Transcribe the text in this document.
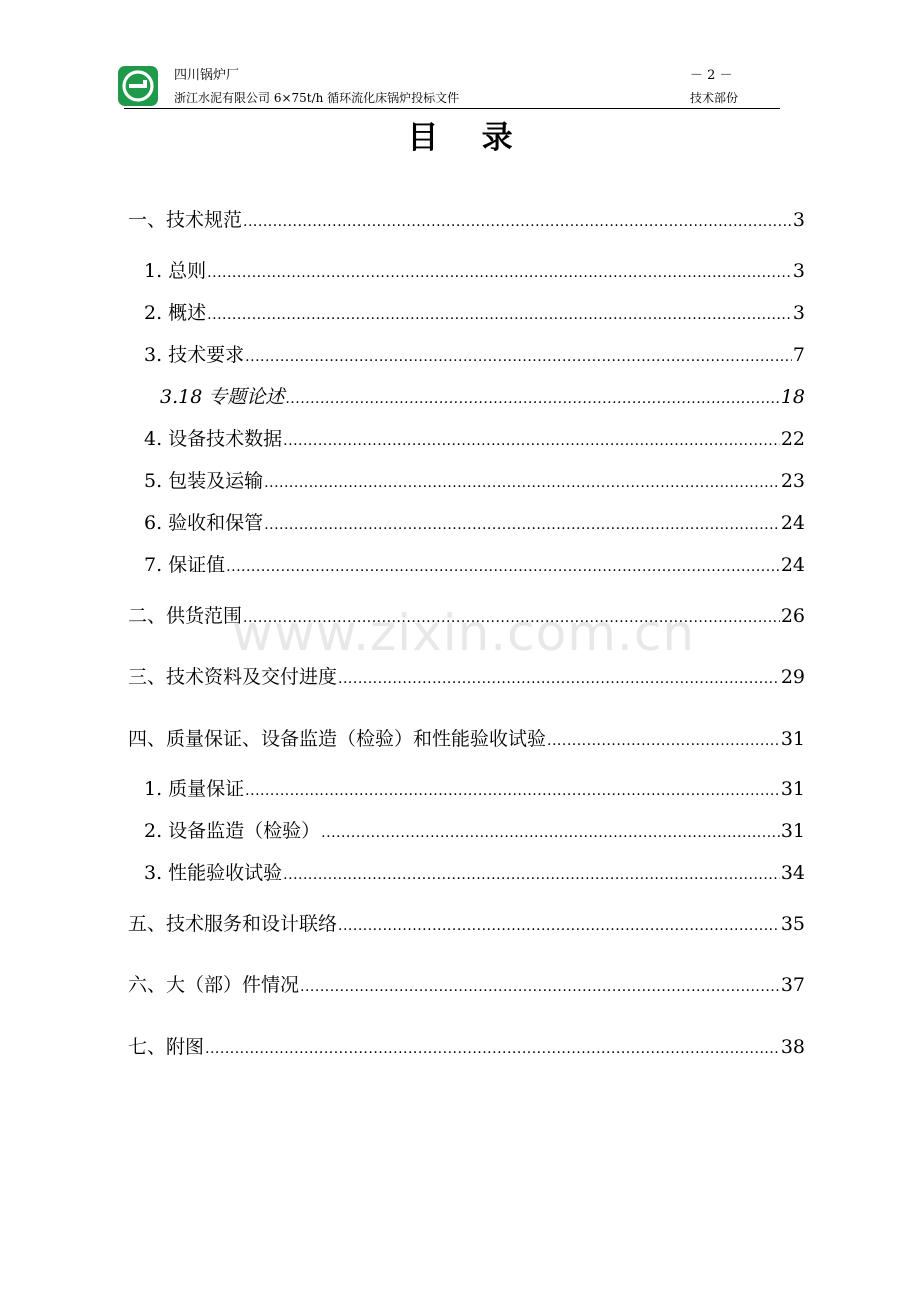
四川锅炉厂
浙江水泥有限公司 6×75t/h 循环流化床锅炉投标文件
－ 2 －
技术部份
目    录
一、技术规范 .....	3
1. 总则 .....	3
2. 概述 .....	3
3. 技术要求 .....	7
3.18 专题论述 .....	18
4. 设备技术数据 .....	22
5. 包装及运输 .....	23
6. 验收和保管 .....	24
7. 保证值 .....	24
二、供货范围 .....	26
三、技术资料及交付进度 .....	29
四、质量保证、设备监造（检验）和性能验收试验 .....	31
1. 质量保证 .....	31
2. 设备监造（检验） .....	31
3. 性能验收试验 .....	34
五、技术服务和设计联络 .....	35
六、大（部）件情况 .....	37
七、附图 .....	38
www.zixin.com.cn
